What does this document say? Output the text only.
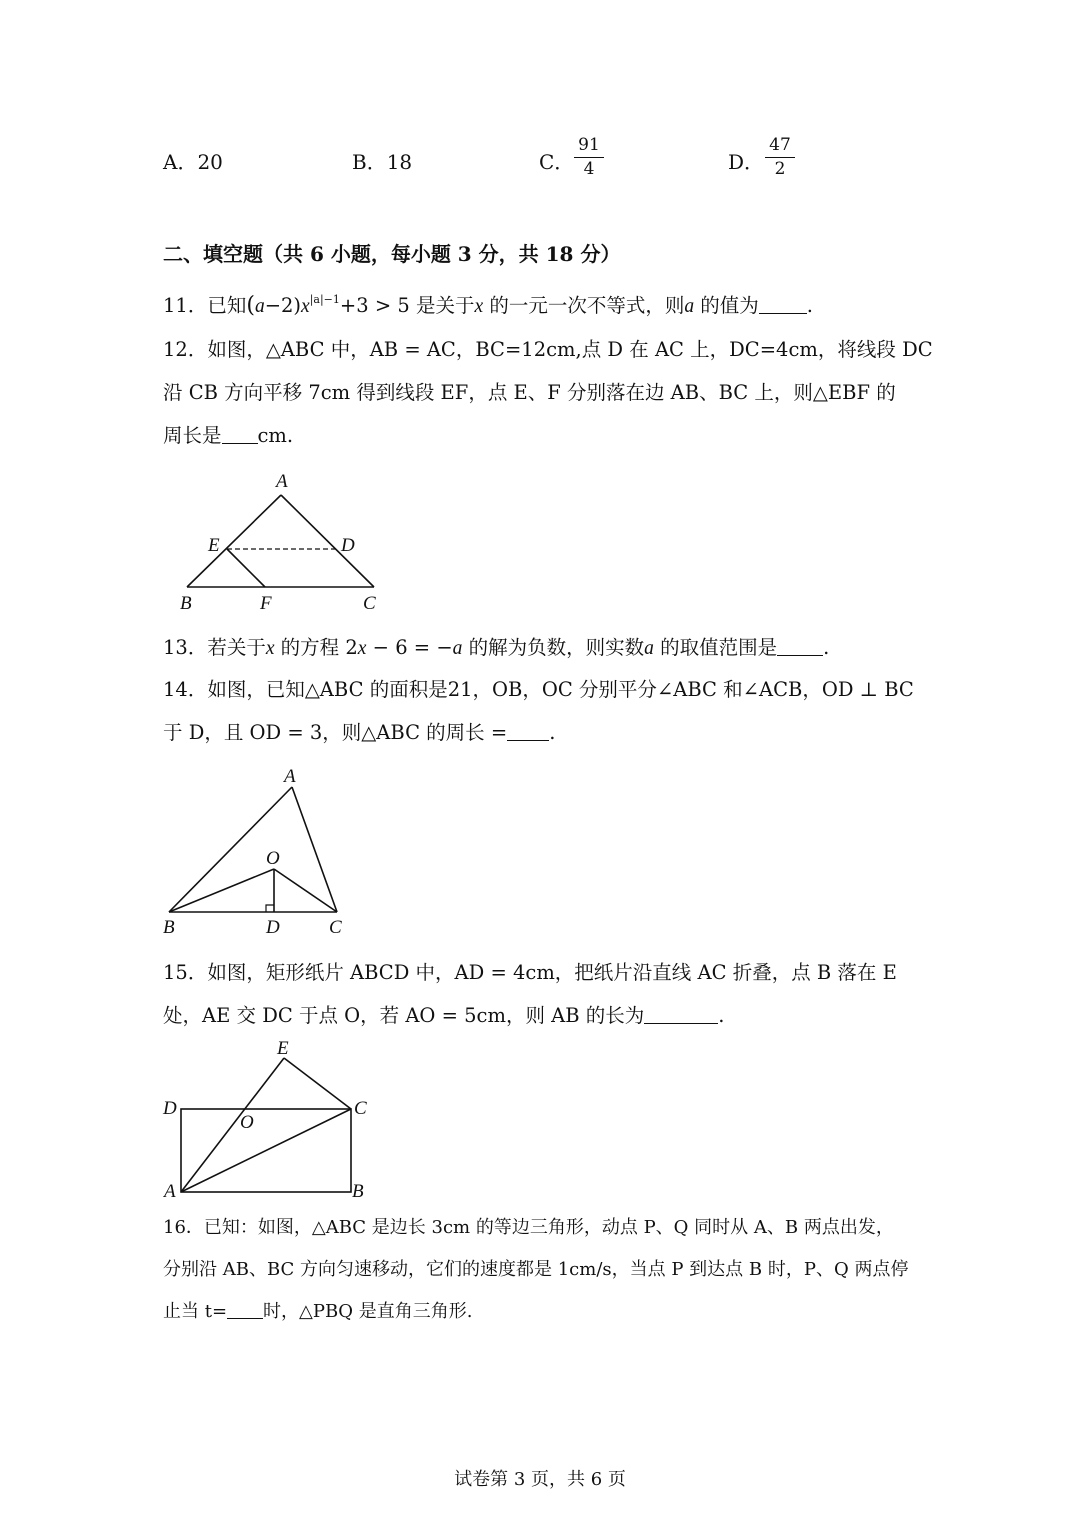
A．20	B．18	C． $\frac{91}{4}$	D． $\frac{47}{2}$
二、填空题（共 6 小题，每小题 3 分，共 18 分）
11．已知$(a-2)x^{|a|-1}+3 > 5$ 是关于x 的一元一次不等式，则a 的值为 .
12．如图，△ABC 中，AB = AC，BC=12cm,点 D 在 AC 上，DC=4cm，将线段 DC
沿 CB 方向平移 7cm 得到线段 EF，点 E、F 分别落在边 AB、BC 上，则△EBF 的
周长是 cm.
A
B	C
D
E
F
13．若关于x 的方程 2x − 6 = −a 的解为负数，则实数a 的取值范围是 .
14．如图，已知△ABC 的面积是21，OB，OC 分别平分∠ABC 和∠ACB，OD ⊥ BC
于 D，且 OD = 3，则△ABC 的周长 = .
A
B	C
D
O
15．如图，矩形纸片 ABCD 中，AD = 4cm，把纸片沿直线 AC 折叠，点 B 落在 E
处，AE 交 DC 于点 O，若 AO = 5cm，则 AB 的长为	.
E
D	C
O
A	B
16．已知：如图，△ABC 是边长 3cm 的等边三角形，动点 P、Q 同时从 A、B 两点出发，
分别沿 AB、BC 方向匀速移动，它们的速度都是 1cm/s，当点 P 到达点 B 时，P、Q 两点停
止当 t= 时，△PBQ 是直角三角形.
试卷第 3 页，共 6 页
